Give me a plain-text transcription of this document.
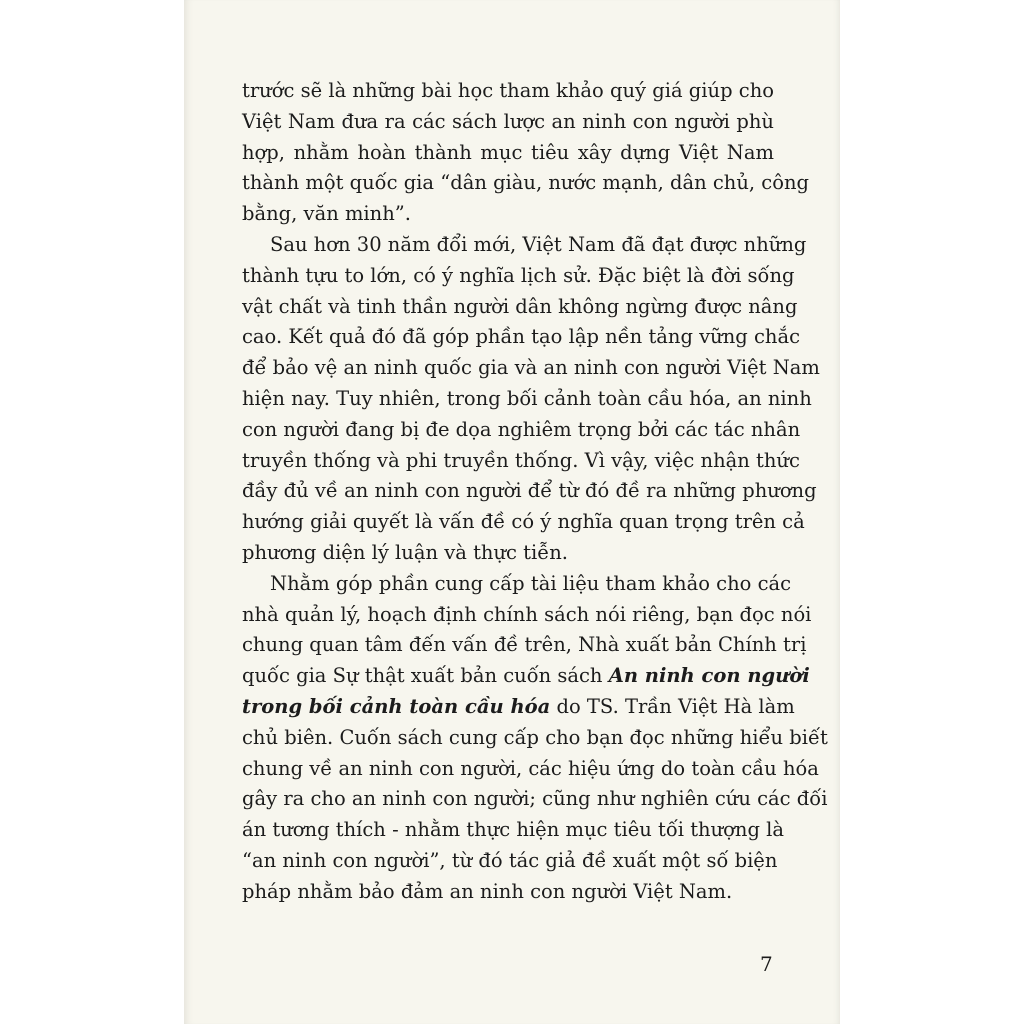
trước sẽ là những bài học tham khảo quý giá giúp cho
Việt Nam đưa ra các sách lược an ninh con người phù
hợp, nhằm hoàn thành mục tiêu xây dựng Việt Nam
thành một quốc gia “dân giàu, nước mạnh, dân chủ, công
bằng, văn minh”.
Sau hơn 30 năm đổi mới, Việt Nam đã đạt được những
thành tựu to lớn, có ý nghĩa lịch sử. Đặc biệt là đời sống
vật chất và tinh thần người dân không ngừng được nâng
cao. Kết quả đó đã góp phần tạo lập nền tảng vững chắc
để bảo vệ an ninh quốc gia và an ninh con người Việt Nam
hiện nay. Tuy nhiên, trong bối cảnh toàn cầu hóa, an ninh
con người đang bị đe dọa nghiêm trọng bởi các tác nhân
truyền thống và phi truyền thống. Vì vậy, việc nhận thức
đầy đủ về an ninh con người để từ đó đề ra những phương
hướng giải quyết là vấn đề có ý nghĩa quan trọng trên cả
phương diện lý luận và thực tiễn.
Nhằm góp phần cung cấp tài liệu tham khảo cho các
nhà quản lý, hoạch định chính sách nói riêng, bạn đọc nói
chung quan tâm đến vấn đề trên, Nhà xuất bản Chính trị
quốc gia Sự thật xuất bản cuốn sách An ninh con người
trong bối cảnh toàn cầu hóa do TS. Trần Việt Hà làm
chủ biên. Cuốn sách cung cấp cho bạn đọc những hiểu biết
chung về an ninh con người, các hiệu ứng do toàn cầu hóa
gây ra cho an ninh con người; cũng như nghiên cứu các đối
án tương thích - nhằm thực hiện mục tiêu tối thượng là
“an ninh con người”, từ đó tác giả đề xuất một số biện
pháp nhằm bảo đảm an ninh con người Việt Nam.
7
